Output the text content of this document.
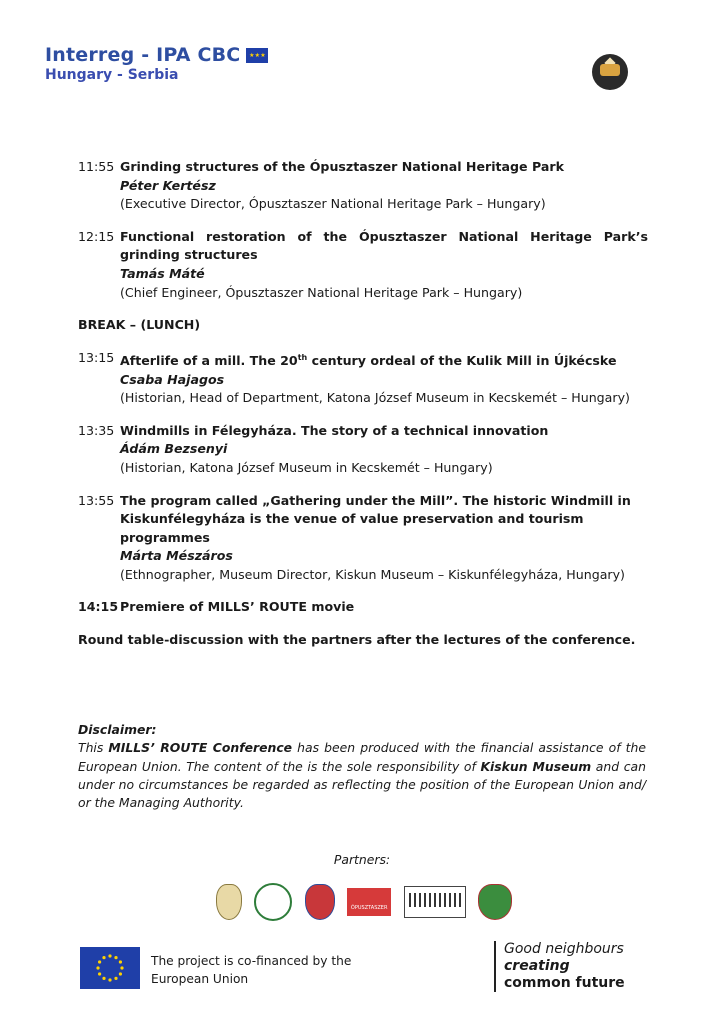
Interreg - IPA CBC	★★★
Hungary - Serbia
11:55 Grinding structures of the Ópusztaszer National Heritage Park
Péter Kertész
(Executive Director, Ópusztaszer National Heritage Park – Hungary)
12:15 Functional restoration of the Ópusztaszer National Heritage Park’s grinding structures
Tamás Máté
(Chief Engineer, Ópusztaszer National Heritage Park – Hungary)
BREAK – (LUNCH)
13:15 Afterlife of a mill. The 20th century ordeal of the Kulik Mill in Újkécske
Csaba Hajagos
(Historian, Head of Department, Katona József Museum in Kecskemét – Hungary)
13:35 Windmills in Félegyháza. The story of a technical innovation
Ádám Bezsenyi
(Historian, Katona József Museum in Kecskemét – Hungary)
13:55 The program called „Gathering under the Mill”. The historic Windmill in Kiskunfélegyháza is the venue of value preservation and tourism programmes
Márta Mészáros
(Ethnographer, Museum Director, Kiskun Museum – Kiskunfélegyháza, Hungary)
14:15 Premiere of MILLS’ ROUTE movie
Round table-discussion with the partners after the lectures of the conference.
Disclaimer:
This MILLS’ ROUTE Conference has been produced with the financial assistance of the European Union. The content of the is the sole responsibility of Kiskun Museum and can under no circumstances be regarded as reflecting the position of the European Union and/ or the Managing Authority.
Partners:
ÓPUSZTASZER
The project is co-financed by the
European Union
Good neighbours
creating
common future
